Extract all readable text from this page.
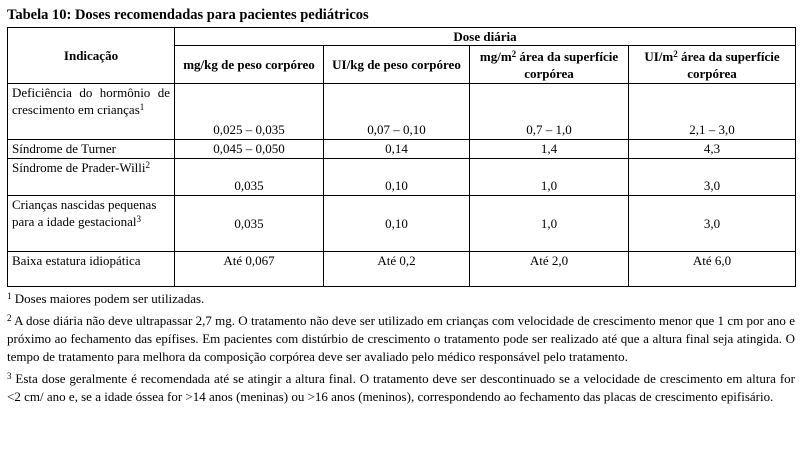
Tabela 10: Doses recomendadas para pacientes pediátricos
Indicação	Dose diária			
	mg/kg de peso corpóreo	UI/kg de peso corpóreo	$mg/m^2$ área da superfície corpórea	$UI/m^2$ área da superfície corpórea
Deficiência do hormônio de crescimento em crianças$^1$	0,025 – 0,035	0,07 – 0,10	0,7 – 1,0	2,1 – 3,0
Síndrome de Turner	0,045 – 0,050	0,14	1,4	4,3
Síndrome de Prader-Willi$^2$	0,035	0,10	1,0	3,0
Crianças nascidas pequenas para a idade gestacional$^3$	0,035	0,10	1,0	3,0
Baixa estatura idiopática	Até 0,067	Até 0,2	Até 2,0	Até 6,0

$^1$ Doses maiores podem ser utilizadas.

$^2$ A dose diária não deve ultrapassar 2,7 mg. O tratamento não deve ser utilizado em crianças com velocidade de crescimento menor que 1 cm por ano e próximo ao fechamento das epífises. Em pacientes com distúrbio de crescimento o tratamento pode ser realizado até que a altura final seja atingida. O tempo de tratamento para melhora da composição corpórea deve ser avaliado pelo médico responsável pelo tratamento.

$^3$ Esta dose geralmente é recomendada até se atingir a altura final. O tratamento deve ser descontinuado se a velocidade de crescimento em altura for <2 cm/ ano e, se a idade óssea for >14 anos (meninas) ou >16 anos (meninos), correspondendo ao fechamento das placas de crescimento epifisário.
